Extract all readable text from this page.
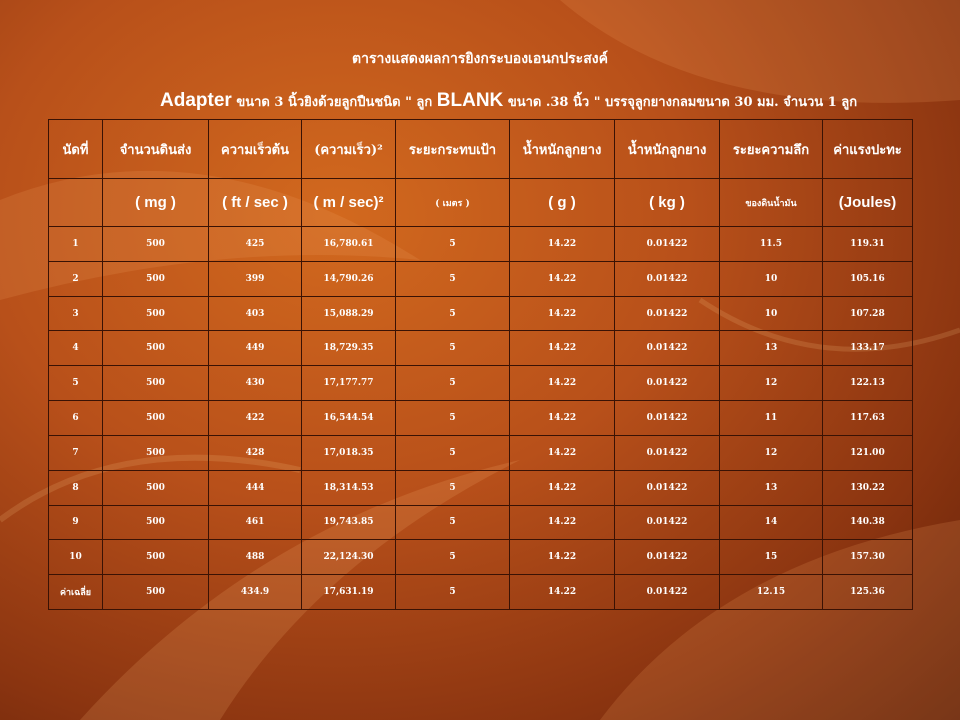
ตารางแสดงผลการยิงกระบองเอนกประสงค์
Adapter ขนาด 3 นิ้วยิงด้วยลูกปืนชนิด " ลูก BLANK ขนาด .38 นิ้ว " บรรจุลูกยางกลมขนาด 30 มม. จำนวน 1 ลูก
นัดที่	จำนวนดินส่ง	ความเร็วต้น	(ความเร็ว)²	ระยะกระทบเป้า	น้ำหนักลูกยาง	น้ำหนักลูกยาง	ระยะความลึก	ค่าแรงปะทะ
	( mg )	( ft / sec )	( m / sec)²	( เมตร )	( g )	( kg )	ของดินน้ำมัน	(Joules)
1	500	425	16,780.61	5	14.22	0.01422	11.5	119.31
2	500	399	14,790.26	5	14.22	0.01422	10	105.16
3	500	403	15,088.29	5	14.22	0.01422	10	107.28
4	500	449	18,729.35	5	14.22	0.01422	13	133.17
5	500	430	17,177.77	5	14.22	0.01422	12	122.13
6	500	422	16,544.54	5	14.22	0.01422	11	117.63
7	500	428	17,018.35	5	14.22	0.01422	12	121.00
8	500	444	18,314.53	5	14.22	0.01422	13	130.22
9	500	461	19,743.85	5	14.22	0.01422	14	140.38
10	500	488	22,124.30	5	14.22	0.01422	15	157.30
ค่าเฉลี่ย	500	434.9	17,631.19	5	14.22	0.01422	12.15	125.36
